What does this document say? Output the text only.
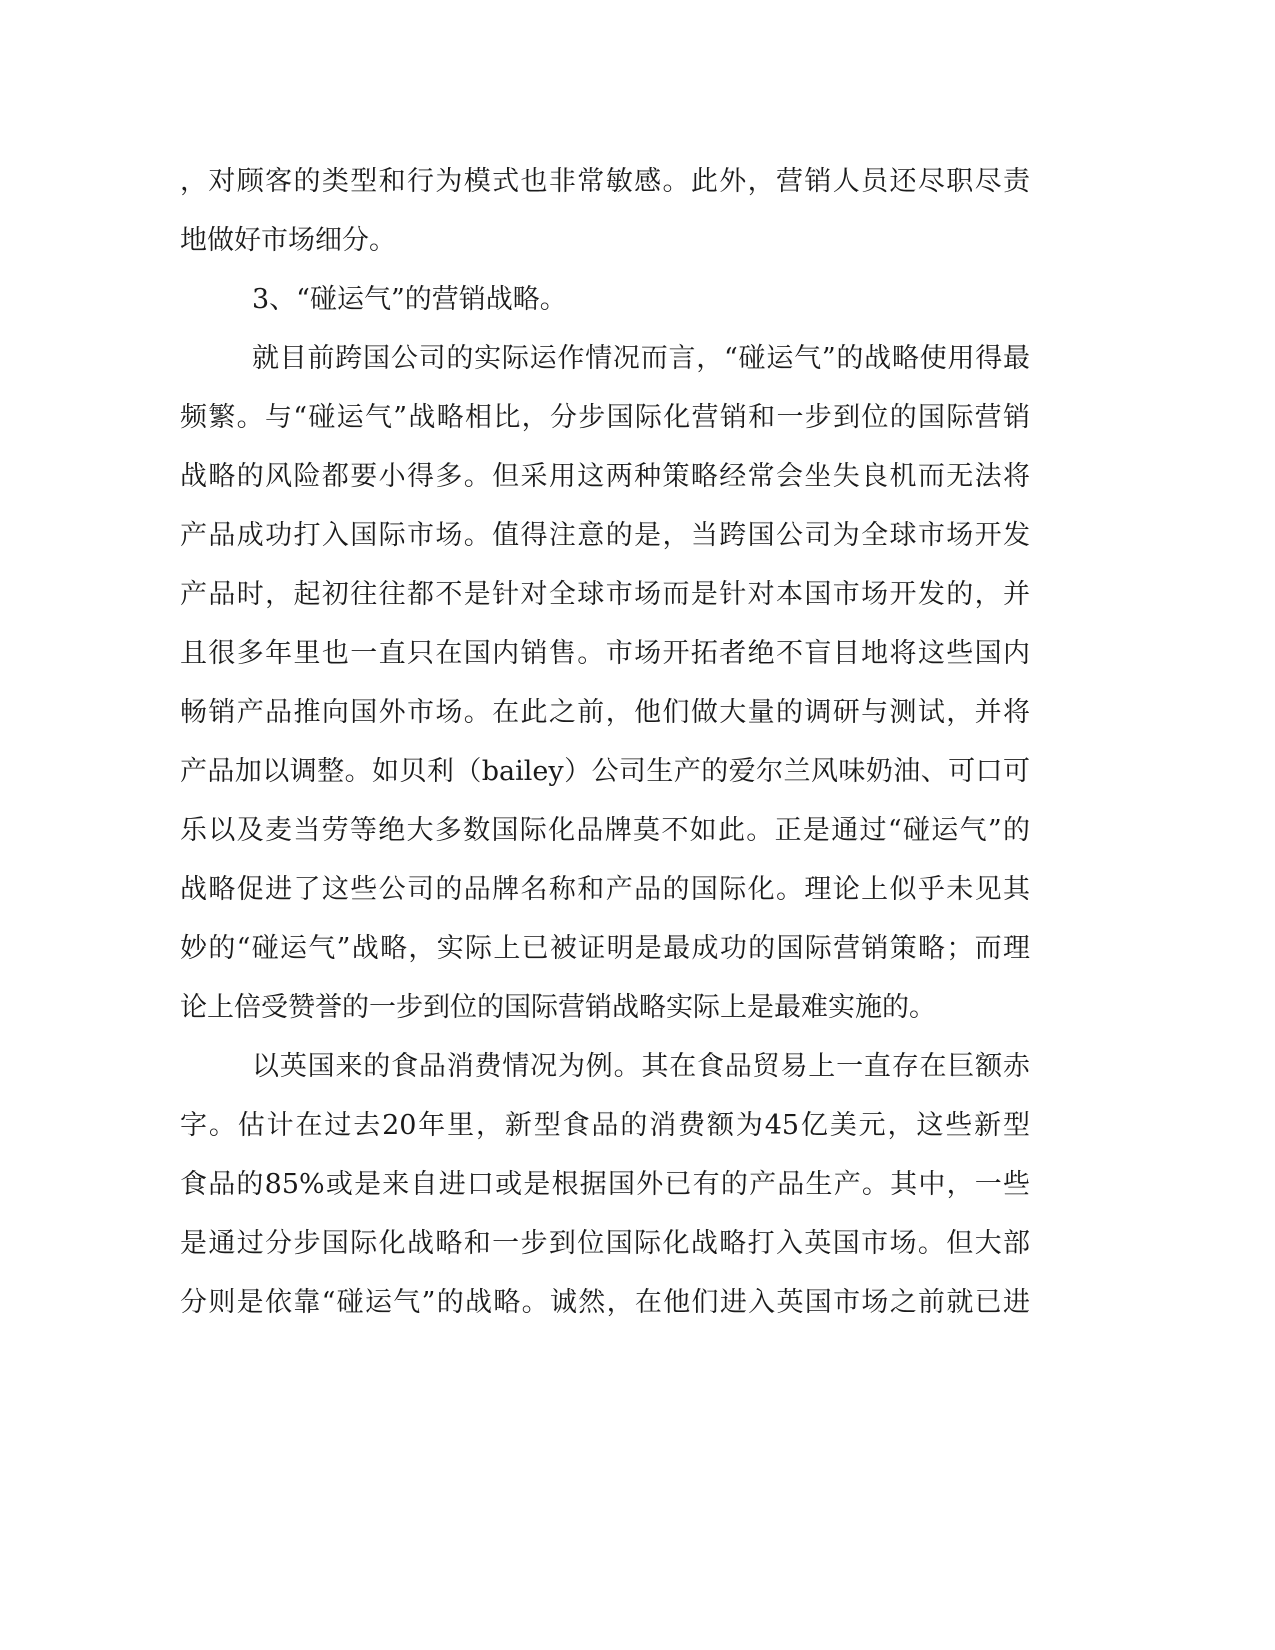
，对顾客的类型和行为模式也非常敏感。此外，营销人员还尽职尽责
地做好市场细分。
3、“碰运气”的营销战略。
就目前跨国公司的实际运作情况而言，“碰运气”的战略使用得最
频繁。与“碰运气”战略相比，分步国际化营销和一步到位的国际营销
战略的风险都要小得多。但采用这两种策略经常会坐失良机而无法将
产品成功打入国际市场。值得注意的是，当跨国公司为全球市场开发
产品时，起初往往都不是针对全球市场而是针对本国市场开发的，并
且很多年里也一直只在国内销售。市场开拓者绝不盲目地将这些国内
畅销产品推向国外市场。在此之前，他们做大量的调研与测试，并将
产品加以调整。如贝利（bailey）公司生产的爱尔兰风味奶油、可口可
乐以及麦当劳等绝大多数国际化品牌莫不如此。正是通过“碰运气”的
战略促进了这些公司的品牌名称和产品的国际化。理论上似乎未见其
妙的“碰运气”战略，实际上已被证明是最成功的国际营销策略；而理
论上倍受赞誉的一步到位的国际营销战略实际上是最难实施的。
以英国来的食品消费情况为例。其在食品贸易上一直存在巨额赤
字。估计在过去20年里，新型食品的消费额为45亿美元，这些新型
食品的85%或是来自进口或是根据国外已有的产品生产。其中，一些
是通过分步国际化战略和一步到位国际化战略打入英国市场。但大部
分则是依靠“碰运气”的战略。诚然，在他们进入英国市场之前就已进
